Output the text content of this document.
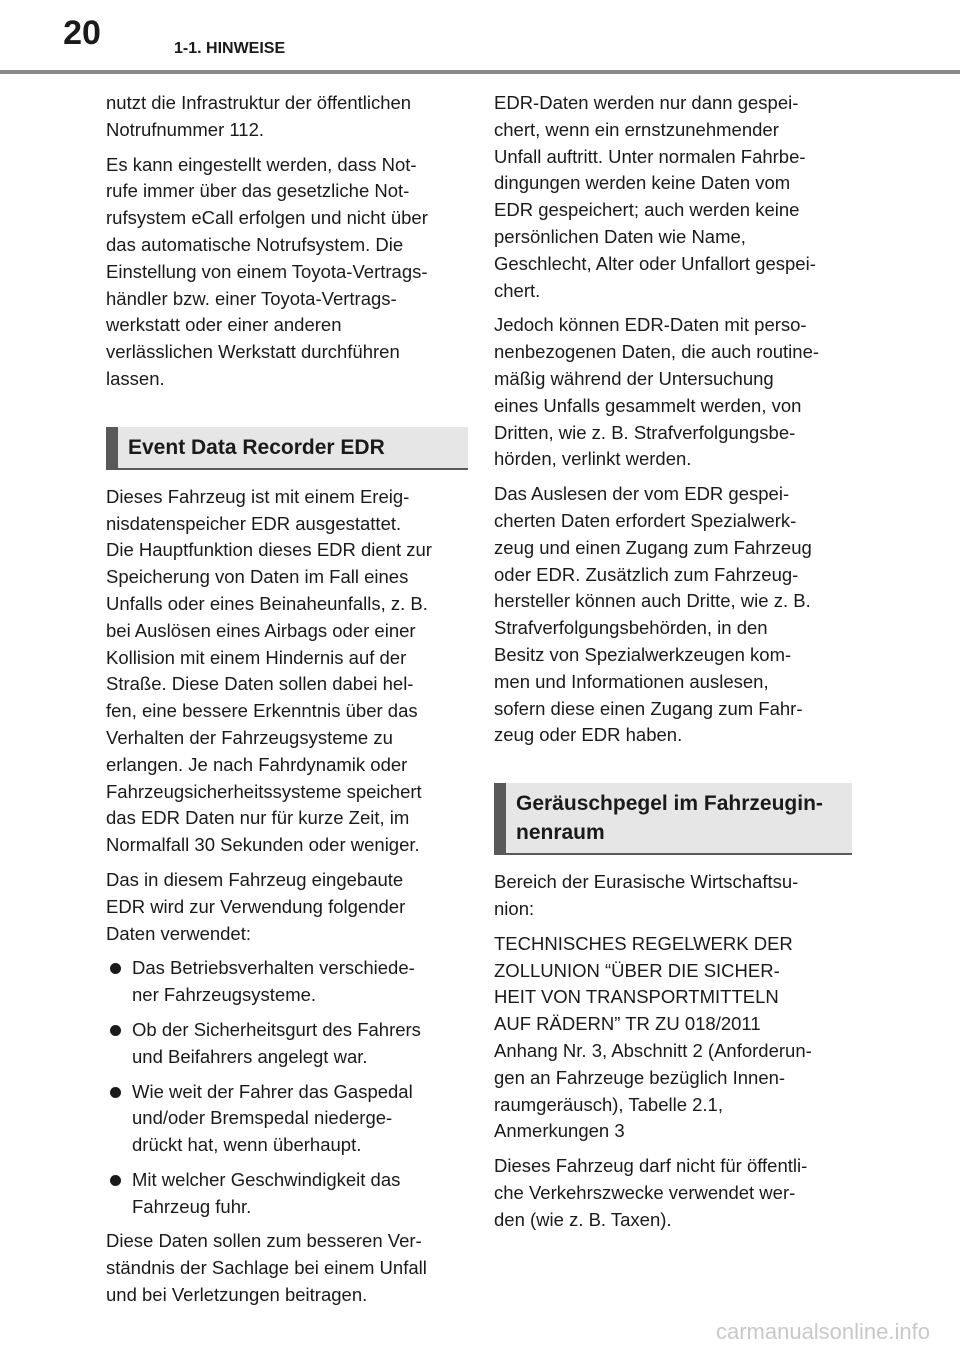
20	1-1. HINWEISE

nutzt die Infrastruktur der öffentlichen
Notrufnummer 112.

Es kann eingestellt werden, dass Not-
rufe immer über das gesetzliche Not-
rufsystem eCall erfolgen und nicht über
das automatische Notrufsystem. Die
Einstellung von einem Toyota-Vertrags-
händler bzw. einer Toyota-Vertrags-
werkstatt oder einer anderen
verlässlichen Werkstatt durchführen
lassen.

Event Data Recorder EDR

Dieses Fahrzeug ist mit einem Ereig-
nisdatenspeicher EDR ausgestattet.
Die Hauptfunktion dieses EDR dient zur
Speicherung von Daten im Fall eines
Unfalls oder eines Beinaheunfalls, z. B.
bei Auslösen eines Airbags oder einer
Kollision mit einem Hindernis auf der
Straße. Diese Daten sollen dabei hel-
fen, eine bessere Erkenntnis über das
Verhalten der Fahrzeugsysteme zu
erlangen. Je nach Fahrdynamik oder
Fahrzeugsicherheitssysteme speichert
das EDR Daten nur für kurze Zeit, im
Normalfall 30 Sekunden oder weniger.

Das in diesem Fahrzeug eingebaute
EDR wird zur Verwendung folgender
Daten verwendet:

Das Betriebsverhalten verschiede-
ner Fahrzeugsysteme.
Ob der Sicherheitsgurt des Fahrers
und Beifahrers angelegt war.
Wie weit der Fahrer das Gaspedal
und/oder Bremspedal niederge-
drückt hat, wenn überhaupt.
Mit welcher Geschwindigkeit das
Fahrzeug fuhr.

Diese Daten sollen zum besseren Ver-
ständnis der Sachlage bei einem Unfall
und bei Verletzungen beitragen.

EDR-Daten werden nur dann gespei-
chert, wenn ein ernstzunehmender
Unfall auftritt. Unter normalen Fahrbe-
dingungen werden keine Daten vom
EDR gespeichert; auch werden keine
persönlichen Daten wie Name,
Geschlecht, Alter oder Unfallort gespei-
chert.

Jedoch können EDR-Daten mit perso-
nenbezogenen Daten, die auch routine-
mäßig während der Untersuchung
eines Unfalls gesammelt werden, von
Dritten, wie z. B. Strafverfolgungsbe-
hörden, verlinkt werden.

Das Auslesen der vom EDR gespei-
cherten Daten erfordert Spezialwerk-
zeug und einen Zugang zum Fahrzeug
oder EDR. Zusätzlich zum Fahrzeug-
hersteller können auch Dritte, wie z. B.
Strafverfolgungsbehörden, in den
Besitz von Spezialwerkzeugen kom-
men und Informationen auslesen,
sofern diese einen Zugang zum Fahr-
zeug oder EDR haben.

Geräuschpegel im Fahrzeugin-
nenraum

Bereich der Eurasische Wirtschaftsu-
nion:

TECHNISCHES REGELWERK DER
ZOLLUNION “ÜBER DIE SICHER-
HEIT VON TRANSPORTMITTELN
AUF RÄDERN” TR ZU 018/2011
Anhang Nr. 3, Abschnitt 2 (Anforderun-
gen an Fahrzeuge bezüglich Innen-
raumgeräusch), Tabelle 2.1,
Anmerkungen 3

Dieses Fahrzeug darf nicht für öffentli-
che Verkehrszwecke verwendet wer-
den (wie z. B. Taxen).

carmanualsonline.info
